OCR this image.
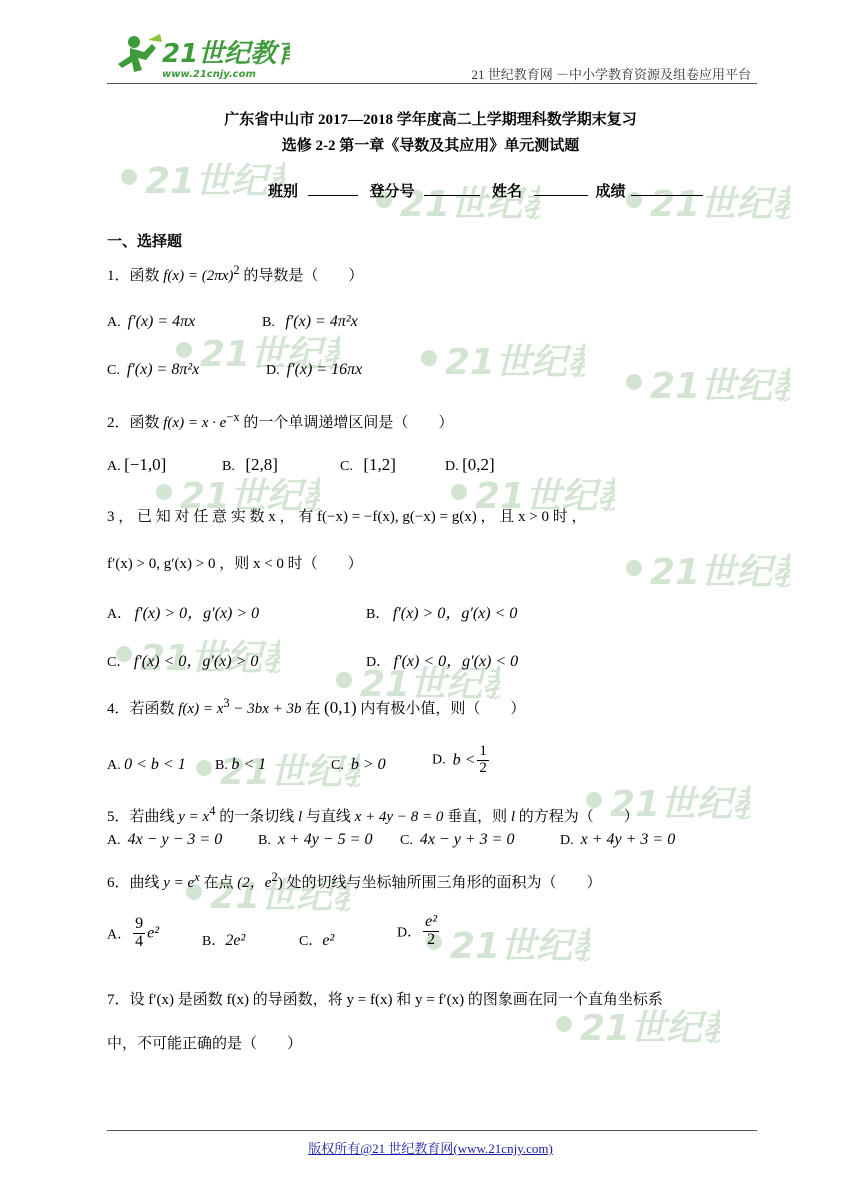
21世纪
21世纪	21世纪
21世纪	21世纪
21世纪
21世纪	21世纪
21世纪
21世纪
21世纪
21世纪
21世纪
21世纪
21世纪
21世纪
21世纪教育
www.21cnjy.com	21 世纪教育网 －中小学教育资源及组卷应用平台
广东省中山市 2017—2018 学年度高二上学期理科数学期末复习
选修 2-2 第一章《导数及其应用》单元测试题
班别	登分号	姓名	成绩
一、选择题
1．函数 $f(x) = (2\pi x)^2$ 的导数是（　　）
A. f′(x) = 4πx	B. f′(x) = 4π²x
C. f′(x) = 8π²x	D. f′(x) = 16πx
2．函数 $f(x) = x \cdot e^{-x}$ 的一个单调递增区间是（　　）
A. [−1,0]	B. [2,8]	C. [1,2]	D. [0,2]
3 ， 已 知 对 任 意 实 数 x ， 有 f(−x) = −f(x), g(−x) = g(x) ， 且 x > 0 时 ，
f′(x) > 0, g′(x) > 0 ，则 x < 0 时（　　）
A． f′(x) > 0，g′(x) > 0	B． f′(x) > 0，g′(x) < 0
C． f′(x) < 0，g′(x) > 0	D． f′(x) < 0，g′(x) < 0
4．若函数 $f(x) = x^3 - 3bx + 3b$ 在 (0,1) 内有极小值，则（　　）
A. 0 < b < 1 B. b < 1	C. b > 0	D. $b < \frac{1}{2}$
5．若曲线 $y = x^4$ 的一条切线 l 与直线 x + 4y − 8 = 0 垂直，则 l 的方程为（　　）
A. 4x − y − 3 = 0	B. x + 4y − 5 = 0 C. 4x − y + 3 = 0	D. x + 4y + 3 = 0
6．曲线 $y = e^x$ 在点 (2，$e^2$) 处的切线与坐标轴所围三角形的面积为（　　）
A． $\frac{9}{4} e^2$
B．2e²	C．e²	D． $\frac{\text{e²}}{2}$
7．设 f′(x) 是函数 f(x) 的导函数，将 y = f(x) 和 y = f′(x) 的图象画在同一个直角坐标系
中，不可能正确的是（　　）
版权所有@21 世纪教育网(www.21cnjy.com)
